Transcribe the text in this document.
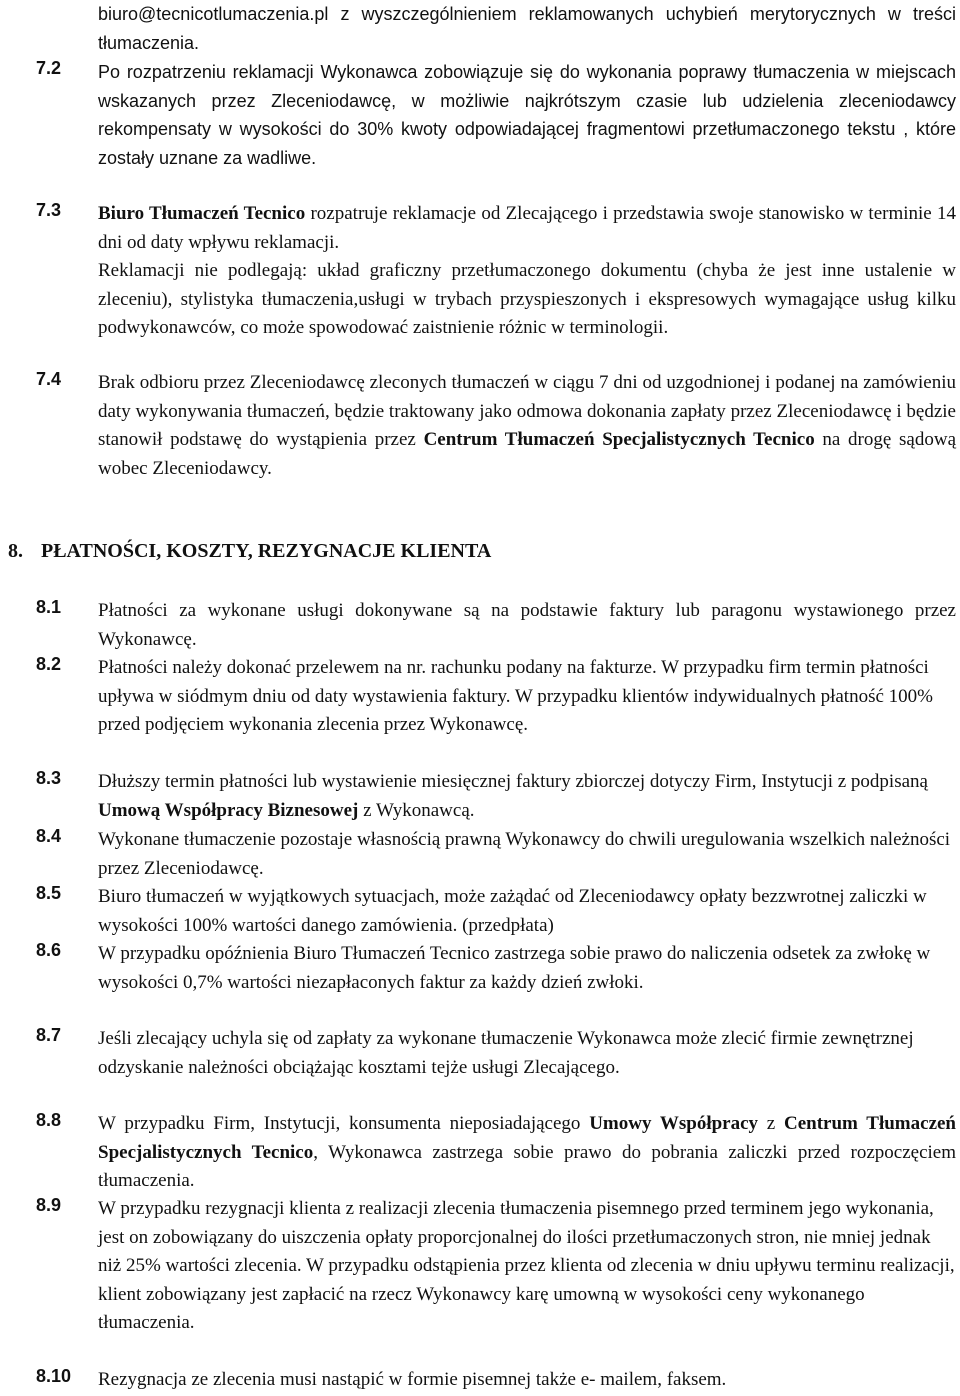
biuro@tecnicotlumaczenia.pl z wyszczególnieniem reklamowanych uchybień merytorycznych w treści tłumaczenia.
7.2 Po rozpatrzeniu reklamacji Wykonawca zobowiązuje się do wykonania poprawy tłumaczenia w miejscach wskazanych przez Zleceniodawcę, w możliwie najkrótszym czasie lub udzielenia zleceniodawcy rekompensaty w wysokości do 30% kwoty odpowiadającej fragmentowi przetłumaczonego tekstu , które zostały uznane za wadliwe.
7.3 Biuro Tłumaczeń Tecnico rozpatruje reklamacje od Zlecającego i przedstawia swoje stanowisko w terminie 14 dni od daty wpływu reklamacji.
Reklamacji nie podlegają: układ graficzny przetłumaczonego dokumentu (chyba że jest inne ustalenie w zleceniu), stylistyka tłumaczenia,usługi w trybach przyspieszonych i ekspresowych wymagające usług kilku podwykonawców, co może spowodować zaistnienie różnic w terminologii.
7.4 Brak odbioru przez Zleceniodawcę zleconych tłumaczeń w ciągu 7 dni od uzgodnionej i podanej na zamówieniu daty wykonywania tłumaczeń, będzie traktowany jako odmowa dokonania zapłaty przez Zleceniodawcę i będzie stanowił podstawę do wystąpienia przez Centrum Tłumaczeń Specjalistycznych Tecnico na drogę sądową wobec Zleceniodawcy.
8. PŁATNOŚCI, KOSZTY, REZYGNACJE KLIENTA
8.1 Płatności za wykonane usługi dokonywane są na podstawie faktury lub paragonu wystawionego przez Wykonawcę.
8.2 Płatności należy dokonać przelewem na nr. rachunku podany na fakturze. W przypadku firm termin płatności upływa w siódmym dniu od daty wystawienia faktury. W przypadku klientów indywidualnych płatność 100% przed podjęciem wykonania zlecenia przez Wykonawcę.
8.3 Dłuższy termin płatności lub wystawienie miesięcznej faktury zbiorczej dotyczy Firm, Instytucji z podpisaną Umową Współpracy Biznesowej z Wykonawcą.
8.4 Wykonane tłumaczenie pozostaje własnością prawną Wykonawcy do chwili uregulowania wszelkich należności przez Zleceniodawcę.
8.5 Biuro tłumaczeń w wyjątkowych sytuacjach, może zażądać od Zleceniodawcy opłaty bezzwrotnej zaliczki w wysokości 100% wartości danego zamówienia. (przedpłata)
8.6 W przypadku opóźnienia Biuro Tłumaczeń Tecnico zastrzega sobie prawo do naliczenia odsetek za zwłokę w wysokości 0,7% wartości niezapłaconych faktur za każdy dzień zwłoki.
8.7 Jeśli zlecający uchyla się od zapłaty za wykonane tłumaczenie Wykonawca może zlecić firmie zewnętrznej odzyskanie należności obciążając kosztami tejże usługi Zlecającego.
8.8 W przypadku Firm, Instytucji, konsumenta nieposiadającego Umowy Współpracy z Centrum Tłumaczeń Specjalistycznych Tecnico, Wykonawca zastrzega sobie prawo do pobrania zaliczki przed rozpoczęciem tłumaczenia.
8.9 W przypadku rezygnacji klienta z realizacji zlecenia tłumaczenia pisemnego przed terminem jego wykonania, jest on zobowiązany do uiszczenia opłaty proporcjonalnej do ilości przetłumaczonych stron, nie mniej jednak niż 25% wartości zlecenia. W przypadku odstąpienia przez klienta od zlecenia w dniu upływu terminu realizacji, klient zobowiązany jest zapłacić na rzecz Wykonawcy karę umowną w wysokości ceny wykonanego tłumaczenia.
8.10 Rezygnacja ze zlecenia musi nastąpić w formie pisemnej także e- mailem, faksem.
